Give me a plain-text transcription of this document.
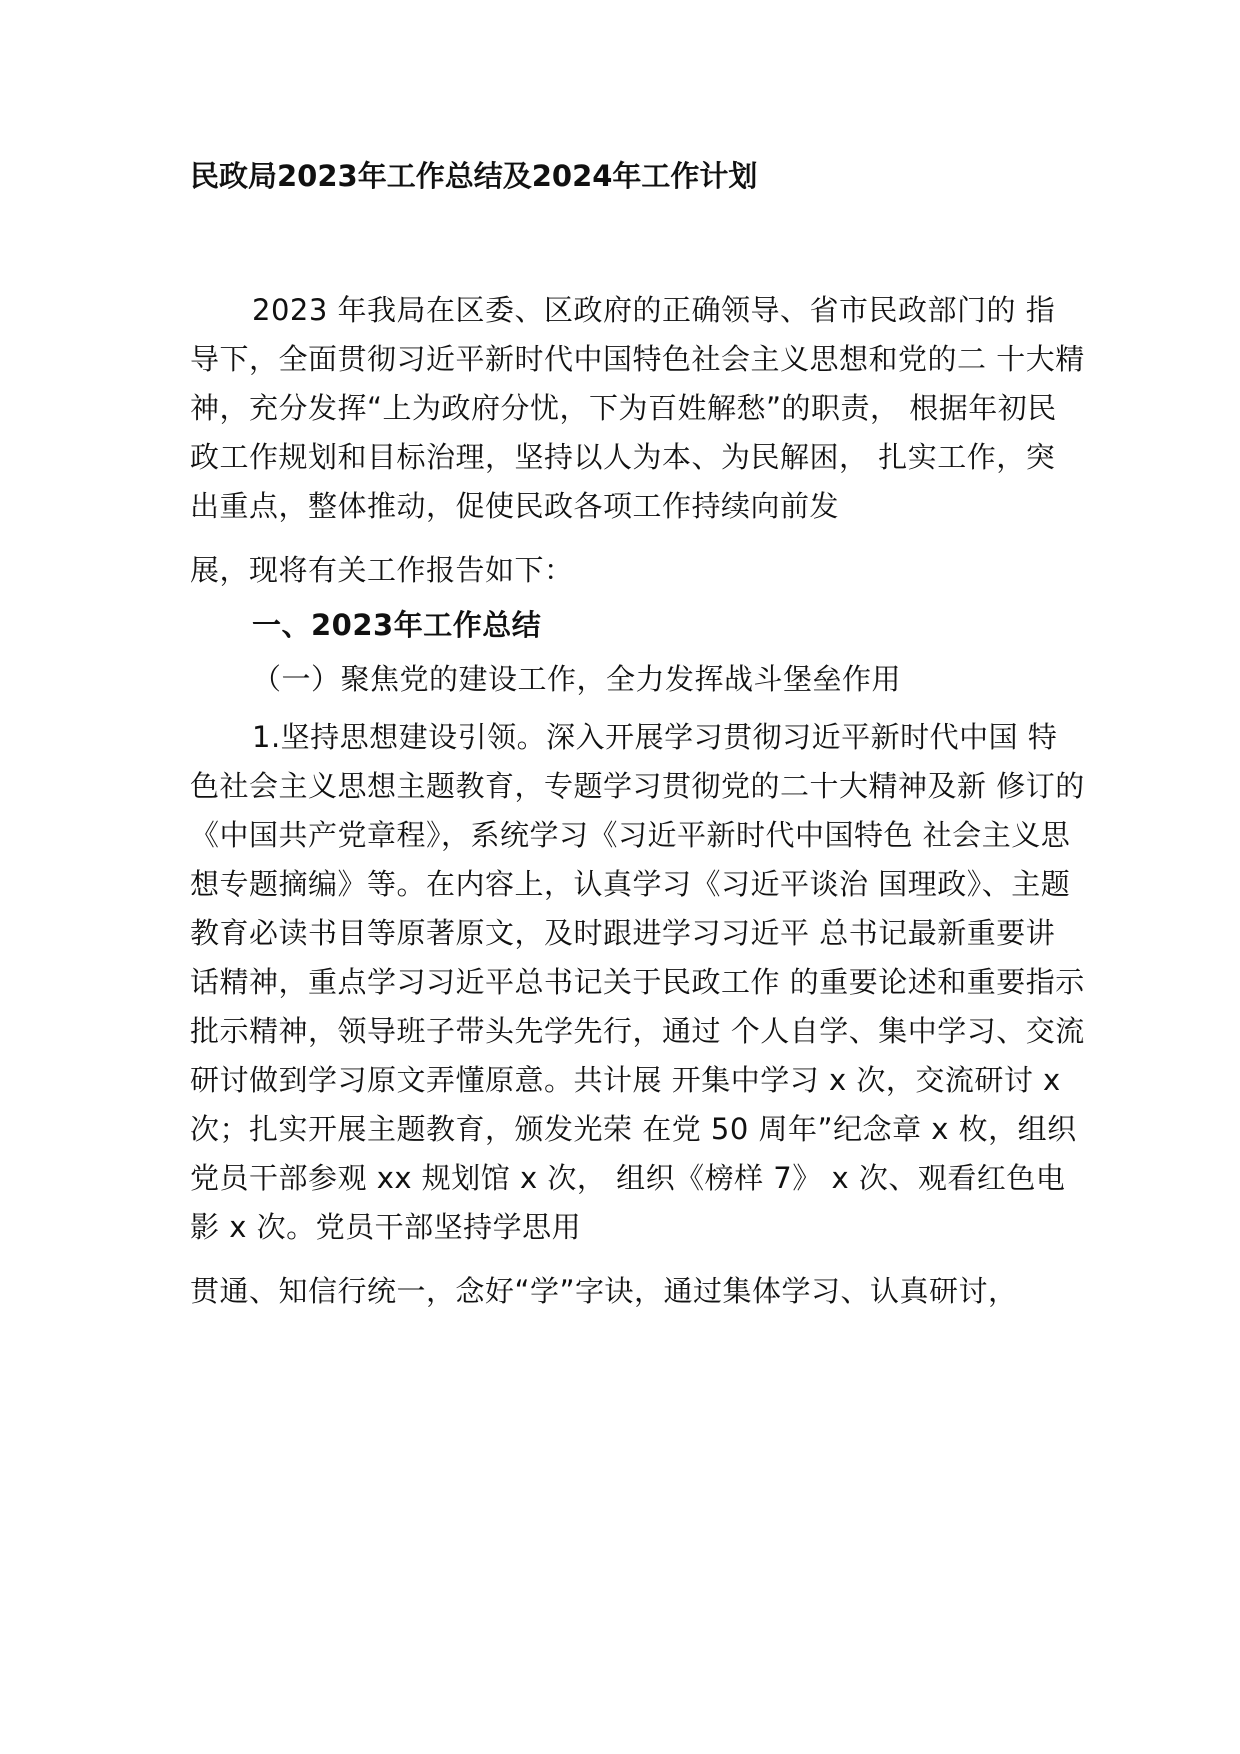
民政局2023年工作总结及2024年工作计划
2023 年我局在区委、区政府的正确领导、省市民政部门的 指
导下，全面贯彻习近平新时代中国特色社会主义思想和党的二 十大精
神，充分发挥“上为政府分忧，下为百姓解愁”的职责， 根据年初民
政工作规划和目标治理，坚持以人为本、为民解困， 扎实工作，突
出重点，整体推动，促使民政各项工作持续向前发
展，现将有关工作报告如下：
一、2023年工作总结
（一）聚焦党的建设工作，全力发挥战斗堡垒作用
1.坚持思想建设引领。深入开展学习贯彻习近平新时代中国 特
色社会主义思想主题教育，专题学习贯彻党的二十大精神及新 修订的
《中国共产党章程》，系统学习《习近平新时代中国特色 社会主义思
想专题摘编》等。在内容上，认真学习《习近平谈治 国理政》、主题
教育必读书目等原著原文，及时跟进学习习近平 总书记最新重要讲
话精神，重点学习习近平总书记关于民政工作 的重要论述和重要指示
批示精神，领导班子带头先学先行，通过 个人自学、集中学习、交流
研讨做到学习原文弄懂原意。共计展 开集中学习 x 次，交流研讨 x
次；扎实开展主题教育，颁发光荣 在党 50 周年”纪念章 x 枚，组织
党员干部参观 xx 规划馆 x 次， 组织《榜样 7》 x 次、观看红色电
影 x 次。党员干部坚持学思用
贯通、知信行统一，念好“学”字诀，通过集体学习、认真研讨，
